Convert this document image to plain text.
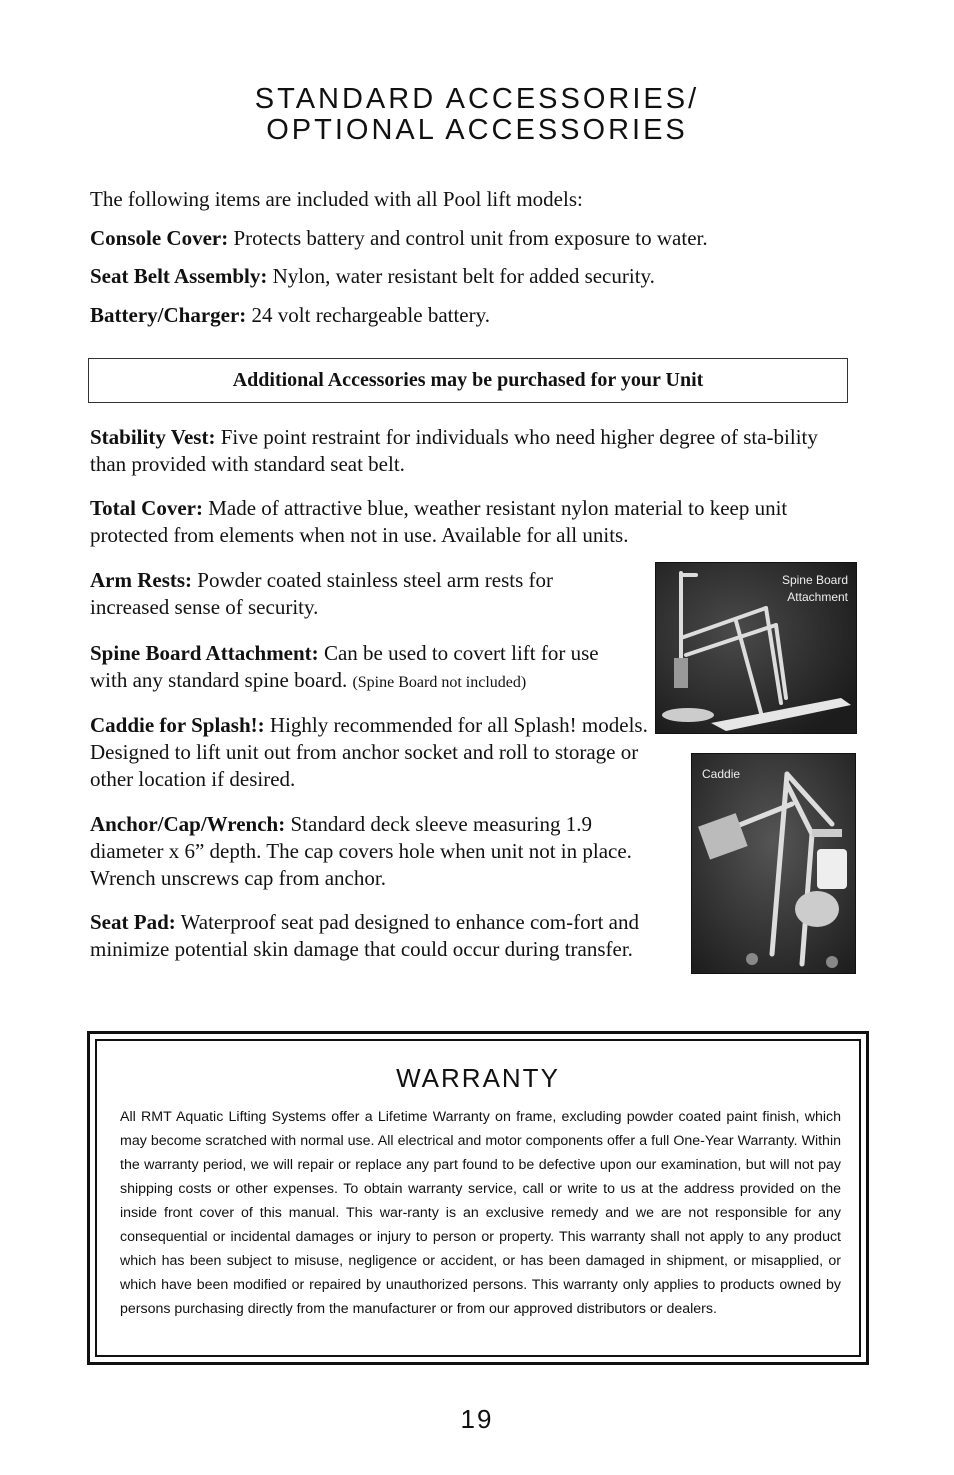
STANDARD ACCESSORIES/
OPTIONAL ACCESSORIES

The following items are included with all Pool lift models:

Console Cover: Protects battery and control unit from exposure to water.

Seat Belt Assembly: Nylon, water resistant belt for added security.

Battery/Charger: 24 volt rechargeable battery.

Additional Accessories may be purchased for your Unit

Stability Vest: Five point restraint for individuals who need higher degree of sta-bility than provided with standard seat belt.

Total Cover: Made of attractive blue, weather resistant nylon material to keep unit protected from elements when not in use. Available for all units.

Arm Rests: Powder coated stainless steel arm rests for increased sense of security.

Spine Board Attachment: Can be used to covert lift for use with any standard spine board. (Spine Board not included)

Caddie for Splash!: Highly recommended for all Splash! models. Designed to lift unit out from anchor socket and roll to storage or other location if desired.

Anchor/Cap/Wrench: Standard deck sleeve measuring 1.9 diameter x 6” depth. The cap covers hole when unit not in place. Wrench unscrews cap from anchor.

Seat Pad: Waterproof seat pad designed to enhance com-fort and minimize potential skin damage that could occur during transfer.

Spine Board
Attachment
Caddie
WARRANTY

All RMT Aquatic Lifting Systems offer a Lifetime Warranty on frame, excluding powder coated paint finish, which may become scratched with normal use. All electrical and motor components offer a full One-Year Warranty. Within the warranty period, we will repair or replace any part found to be defective upon our examination, but will not pay shipping costs or other expenses. To obtain warranty service, call or write to us at the address provided on the inside front cover of this manual. This war-ranty is an exclusive remedy and we are not responsible for any consequential or incidental damages or injury to person or property. This warranty shall not apply to any product which has been subject to misuse, negligence or accident, or has been damaged in shipment, or misapplied, or which have been modified or repaired by unauthorized persons. This warranty only applies to products owned by persons purchasing directly from the manufacturer or from our approved distributors or dealers.

19
